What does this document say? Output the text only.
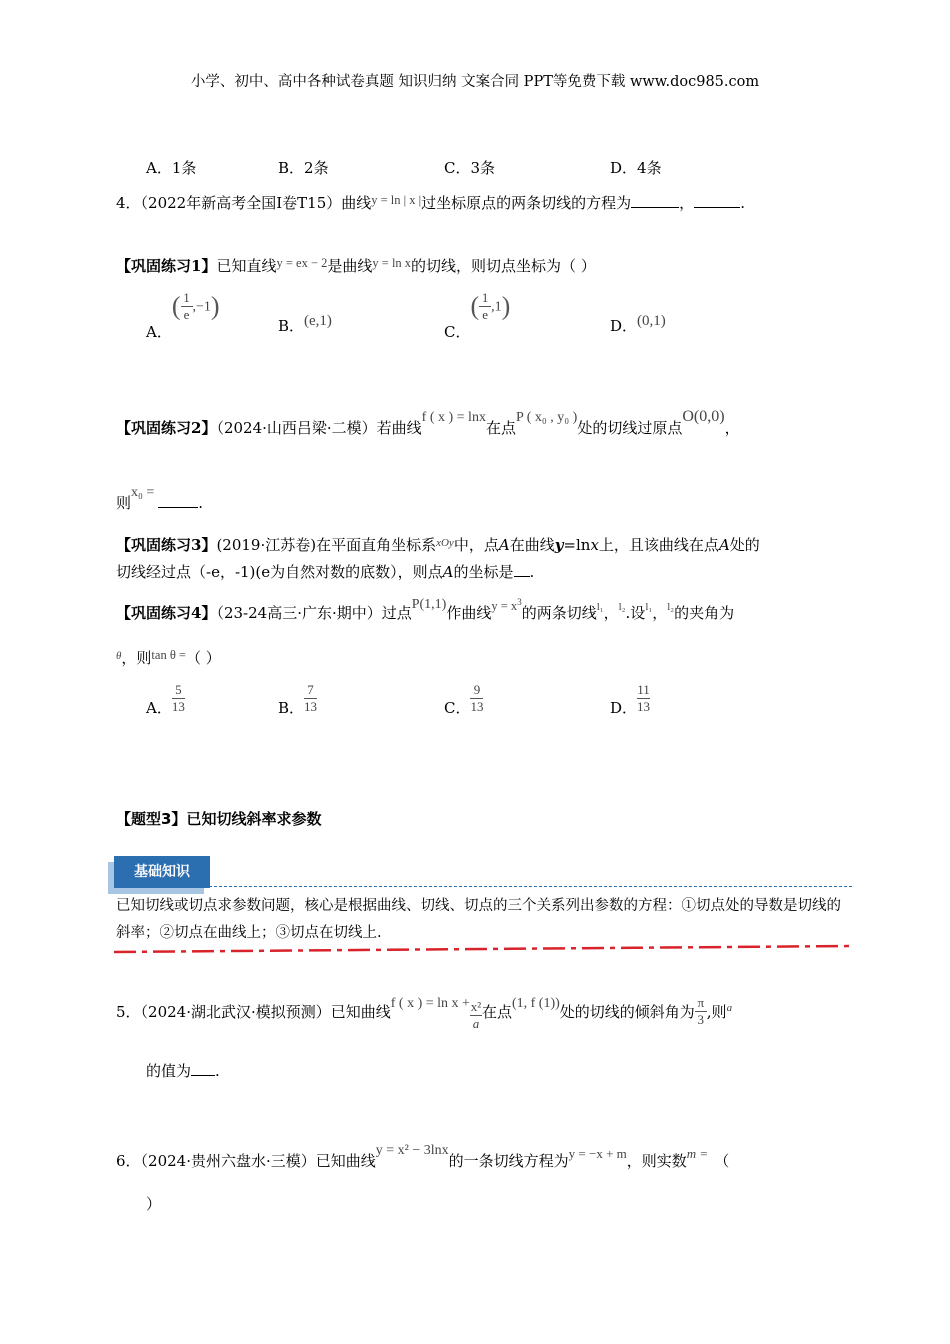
小学、初中、高中各种试卷真题 知识归纳 文案合同 PPT等免费下载 www.doc985.com
A．1条	B．2条	C．3条	D．4条
4．（2022年新高考全国I卷T15）曲线$^{y = ln | x |}$过坐标原点的两条切线的方程为	，	.
【巩固练习1】已知直线$^{y = ex - 2}$是曲线$^{y = ln x}$的切线，则切点坐标为（ ）
A．( $\frac{1}{e} ,-1$)
B．(e,1)
C．( $\frac{1}{e} ,1$)
D．(0,1)
【巩固练习2】（2024·山西吕梁·二模）若曲线f ( x ) = lnx在点P ( x₀ , y₀ )处的切线过原点O(0,0)，
则x₀ =.
【巩固练习3】(2019·江苏卷)在平面直角坐标系$^{xOy}$中，点A在曲线y=lnx上，且该曲线在点A处的
切线经过点（-e，-1)(e为自然对数的底数），则点A的坐标是 .
【巩固练习4】（23-24高三·广东·期中）过点P(1,1)作曲线$^{y = x^3}$的两条切线$^{l_1}$，$^{l_2}$.设$^{l_1}$，$^{l_2}$的夹角为
$^\theta$，则$^{tan \theta =}$（ ）
A． $\frac{5}{13}$	B． $\frac{7}{13}$	C． $\frac{9}{13}$	D． $\frac{11}{13}$
【题型3】已知切线斜率求参数
基础知识
已知切线或切点求参数问题，核心是根据曲线、切线、切点的三个关系列出参数的方程：①切点处的导数是切线的斜率；②切点在曲线上；③切点在切线上.
5．（2024·湖北武汉·模拟预测）已知曲线f ( x ) = $\ln x + \frac{\text{x²}}{a}$ 在点(1, f (1))处的切线的倾斜角为 $\frac{\pi}{3}$ ,则$^a$
的值为 .
6．（2024·贵州六盘水·三模）已知曲线y = x² − 3lnx的一条切线方程为y = −x + m，则实数m = （
）
